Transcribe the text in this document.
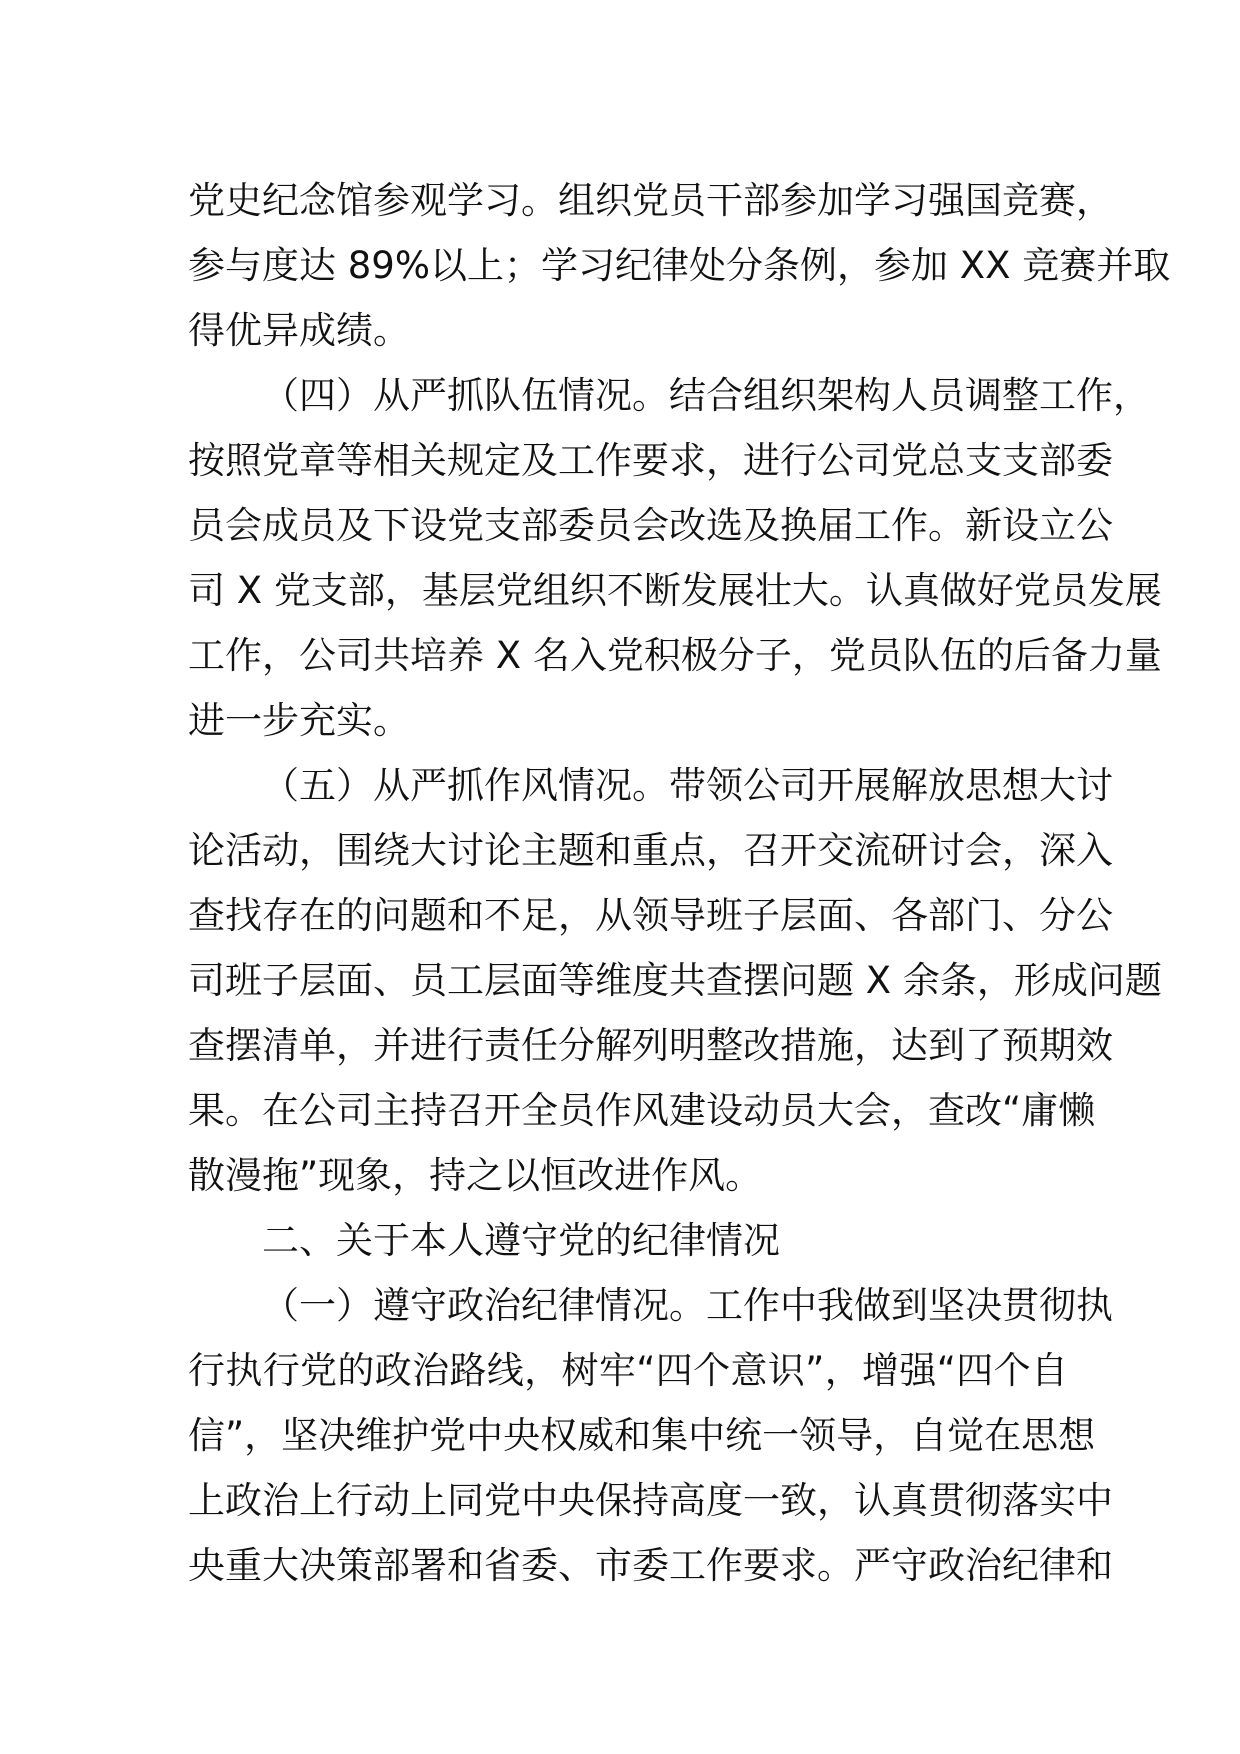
党史纪念馆参观学习。组织党员干部参加学习强国竞赛，
参与度达 89%以上；学习纪律处分条例，参加 XX 竞赛并取
得优异成绩。
（四）从严抓队伍情况。结合组织架构人员调整工作，
按照党章等相关规定及工作要求，进行公司党总支支部委
员会成员及下设党支部委员会改选及换届工作。新设立公
司 X 党支部，基层党组织不断发展壮大。认真做好党员发展
工作，公司共培养 X 名入党积极分子，党员队伍的后备力量
进一步充实。
（五）从严抓作风情况。带领公司开展解放思想大讨
论活动，围绕大讨论主题和重点，召开交流研讨会，深入
查找存在的问题和不足，从领导班子层面、各部门、分公
司班子层面、员工层面等维度共查摆问题 X 余条，形成问题
查摆清单，并进行责任分解列明整改措施，达到了预期效
果。在公司主持召开全员作风建设动员大会，查改“庸懒
散漫拖”现象，持之以恒改进作风。
二、关于本人遵守党的纪律情况
（一）遵守政治纪律情况。工作中我做到坚决贯彻执
行执行党的政治路线，树牢“四个意识”，增强“四个自
信”，坚决维护党中央权威和集中统一领导，自觉在思想
上政治上行动上同党中央保持高度一致，认真贯彻落实中
央重大决策部署和省委、市委工作要求。严守政治纪律和
